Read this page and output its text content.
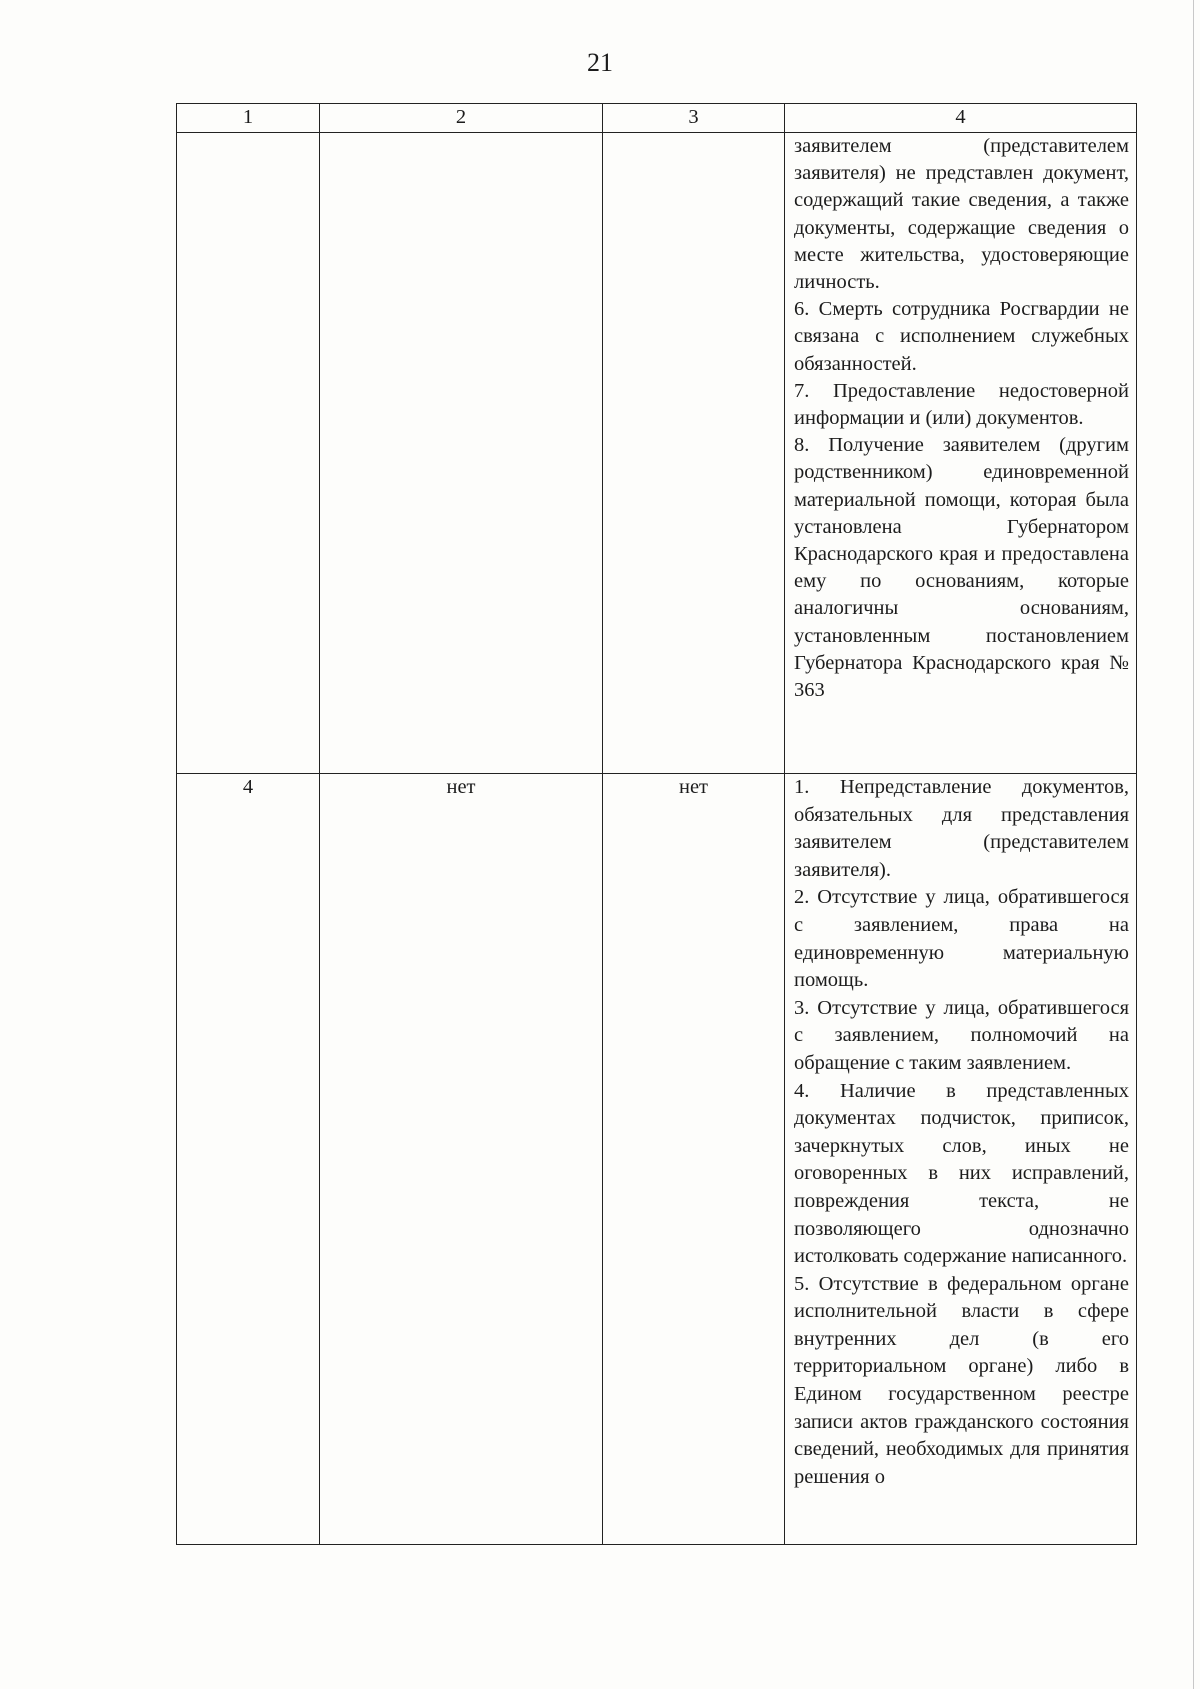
21
1	2	3	4

			заявителем (представителем заявителя) не представлен документ, содержащий такие сведения, а также документы, содержащие сведения о месте жительства, удостоверяющие личность.

6. Смерть сотрудника Росгвардии не связана с исполнением служебных обязанностей.

7. Предоставление недостоверной информации и (или) документов.

8. Получение заявителем (другим родственником) единовременной материальной помощи, которая была установлена Губернатором Краснодарского края и предоставлена ему по основаниям, которые аналогичны основаниям, установленным постановлением Губернатора Краснодарского края № 363

4	нет	нет	1. Непредставление документов, обязательных для представления заявителем (представителем заявителя).

2. Отсутствие у лица, обратившегося с заявлением, права на единовременную материальную помощь.

3. Отсутствие у лица, обратившегося с заявлением, полномочий на обращение с таким заявлением.

4. Наличие в представленных документах подчисток, приписок, зачеркнутых слов, иных не оговоренных в них исправлений, повреждения текста, не позволяющего однозначно истолковать содержание написанного.

5. Отсутствие в федеральном органе исполнительной власти в сфере внутренних дел (в его территориальном органе) либо в Едином государственном реестре записи актов гражданского состояния сведений, необходимых для принятия решения о
